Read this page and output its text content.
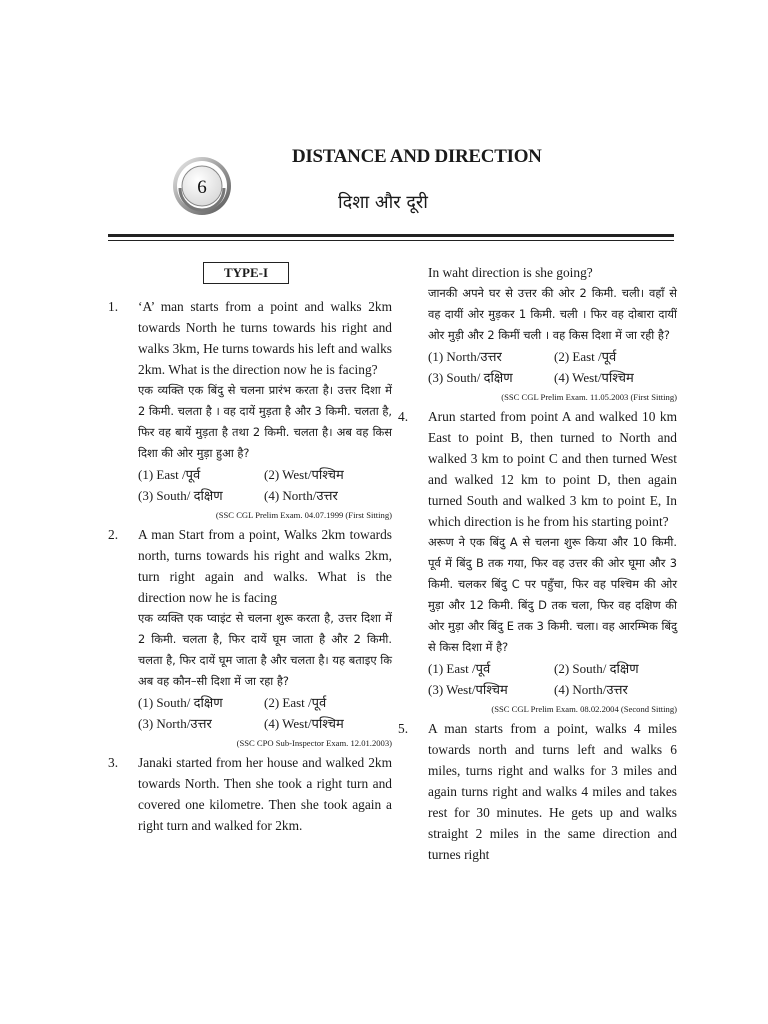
6
DISTANCE AND DIRECTION
दिशा और दूरी
TYPE-I
1.	‘A’ man starts from a point and walks 2km towards North he turns towards his right and walks 3km, He turns towards his left and walks 2km. What is the direction now he is facing?
एक व्यक्ति एक बिंदु से चलना प्रारंभ करता है। उत्तर दिशा में 2 किमी. चलता है । वह दायें मुड़ता है और 3 किमी. चलता है, फिर वह बायें मुड़ता है तथा 2 किमी. चलता है। अब वह किस दिशा की ओर मुड़ा हुआ है?
(1) East /पूर्व	(2) West/पश्चिम
(3) South/ दक्षिण	(4) North/उत्तर
(SSC CGL Prelim Exam. 04.07.1999 (First Sitting)
2.	A man Start from a point, Walks 2km towards north, turns towards his right and walks 2km, turn right again and walks. What is the direction now he is facing
एक व्यक्ति एक प्वाइंट से चलना शुरू करता है, उत्तर दिशा में 2 किमी. चलता है, फिर दायें घूम जाता है और 2 किमी. चलता है, फिर दायें घूम जाता है और चलता है। यह बताइए कि अब वह कौन–सी दिशा में जा रहा है?
(1) South/ दक्षिण	(2) East /पूर्व
(3) North/उत्तर	(4) West/पश्चिम
(SSC CPO Sub-Inspector Exam. 12.01.2003)
3.	Janaki started from her house and walked 2km towards North. Then she took a right turn and covered one kilometre. Then she took again a right turn and walked for 2km.
In waht direction is she going?
जानकी अपने घर से उत्तर की ओर 2 किमी. चली। वहाँ से वह दायीं ओर मुड़कर 1 किमी. चली । फिर वह दोबारा दायीं ओर मुड़ी और 2 किमीं चली । वह किस दिशा में जा रही है?
(1) North/उत्तर	(2) East /पूर्व
(3) South/ दक्षिण	(4) West/पश्चिम
(SSC CGL Prelim Exam. 11.05.2003 (First Sitting)
4.	Arun started from point A and walked 10 km East to point B, then turned to North and walked 3 km to point C and then turned West and walked 12 km to point D, then again turned South and walked 3 km to point E, In which direction is he from his starting point?
अरूण ने एक बिंदु A से चलना शुरू किया और 10 किमी. पूर्व में बिंदु B तक गया, फिर वह उत्तर की ओर घूमा और 3 किमी. चलकर बिंदु C पर पहुँचा, फिर वह पश्चिम की ओर मुड़ा और 12 किमी. बिंदु D तक चला, फिर वह दक्षिण की ओर मुड़ा और बिंदु E तक 3 किमी. चला। वह आरम्भिक बिंदु से किस दिशा में है?
(1) East /पूर्व	(2) South/ दक्षिण
(3) West/पश्चिम	(4) North/उत्तर
(SSC CGL Prelim Exam. 08.02.2004 (Second Sitting)
5.	A man starts from a point, walks 4 miles towards north and turns left and walks 6 miles, turns right and walks for 3 miles and again turns right and walks 4 miles and takes rest for 30 minutes. He gets up and walks straight 2 miles in the same direction and turnes right
